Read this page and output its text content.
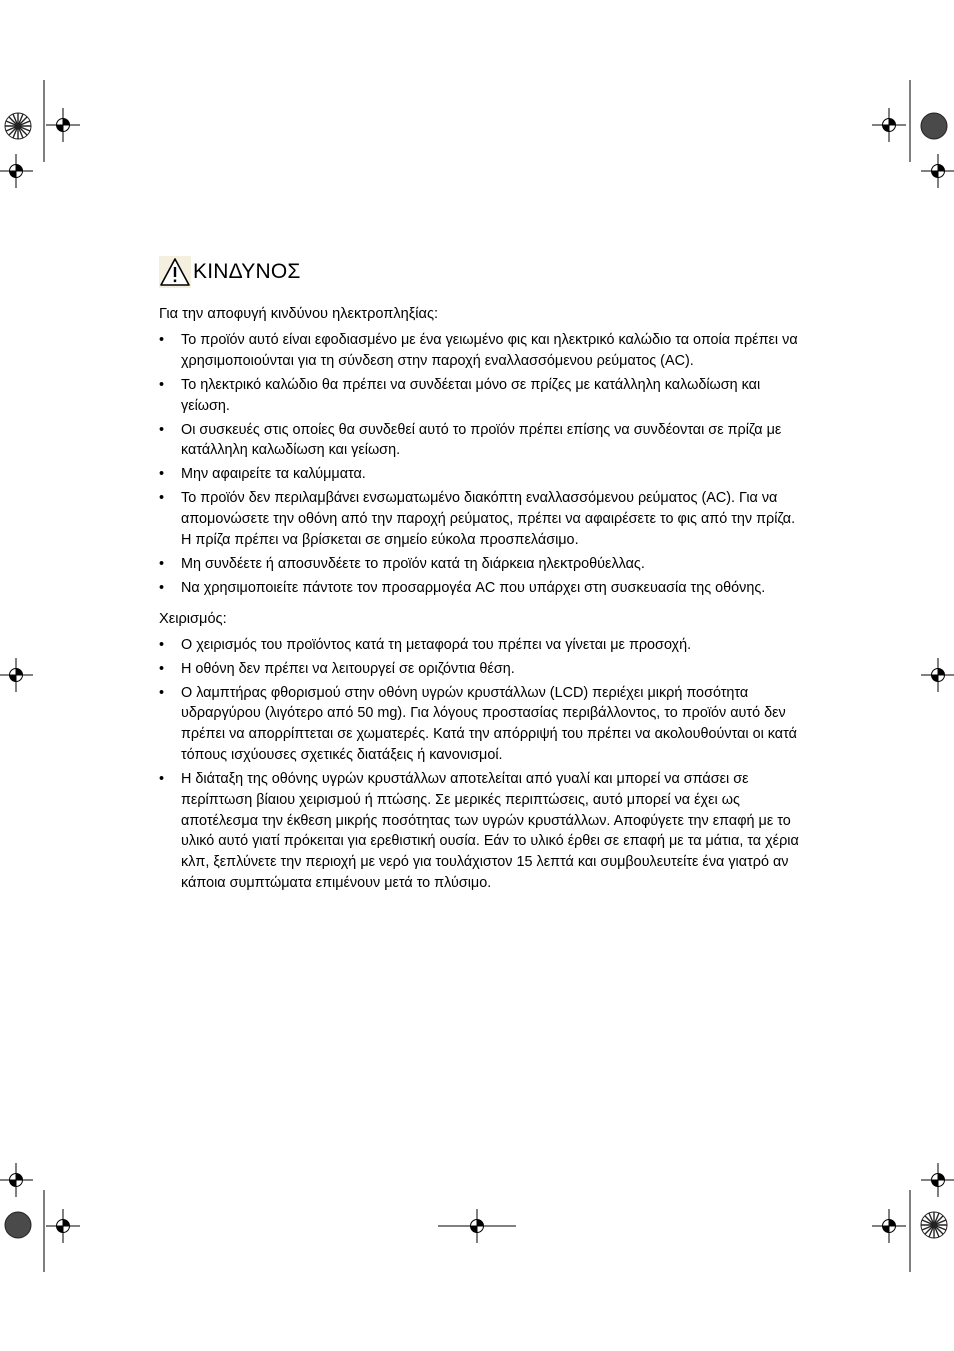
ΚΙΝΔΥΝΟΣ
Για την αποφυγή κινδύνου ηλεκτροπληξίας:
• Το προϊόν αυτό είναι εφοδιασμένο με ένα γειωμένο φις και ηλεκτρικό καλώδιο τα οποία πρέπει να χρησιμοποιούνται για τη σύνδεση στην παροχή εναλλασσόμενου ρεύματος (AC).
• Το ηλεκτρικό καλώδιο θα πρέπει να συνδέεται μόνο σε πρίζες με κατάλληλη καλωδίωση και γείωση.
• Οι συσκευές στις οποίες θα συνδεθεί αυτό το προϊόν πρέπει επίσης να συνδέονται σε πρίζα με κατάλληλη καλωδίωση και γείωση.
• Μην αφαιρείτε τα καλύμματα.
• Το προϊόν δεν περιλαμβάνει ενσωματωμένο διακόπτη εναλλασσόμενου ρεύματος (AC). Για να απομονώσετε την οθόνη από την παροχή ρεύματος, πρέπει να αφαιρέσετε το φις από την πρίζα. Η πρίζα πρέπει να βρίσκεται σε σημείο εύκολα προσπελάσιμο.
• Μη συνδέετε ή αποσυνδέετε το προϊόν κατά τη διάρκεια ηλεκτροθύελλας.
• Να χρησιμοποιείτε πάντοτε τον προσαρμογέα AC που υπάρχει στη συσκευασία της οθόνης.
Χειρισμός:
• Ο χειρισμός του προϊόντος κατά τη μεταφορά του πρέπει να γίνεται με προσοχή.
• Η οθόνη δεν πρέπει να λειτουργεί σε οριζόντια θέση.
• Ο λαμπτήρας φθορισμού στην οθόνη υγρών κρυστάλλων (LCD) περιέχει μικρή ποσότητα υδραργύρου (λιγότερο από 50 mg). Για λόγους προστασίας περιβάλλοντος, το προϊόν αυτό δεν πρέπει να απορρίπτεται σε χωματερές. Κατά την απόρριψή του πρέπει να ακολουθούνται οι κατά τόπους ισχύουσες σχετικές διατάξεις ή κανονισμοί.
• Η διάταξη της οθόνης υγρών κρυστάλλων αποτελείται από γυαλί και μπορεί να σπάσει σε περίπτωση βίαιου χειρισμού ή πτώσης. Σε μερικές περιπτώσεις, αυτό μπορεί να έχει ως αποτέλεσμα την έκθεση μικρής ποσότητας των υγρών κρυστάλλων. Αποφύγετε την επαφή με το υλικό αυτό γιατί πρόκειται για ερεθιστική ουσία. Εάν το υλικό έρθει σε επαφή με τα μάτια, τα χέρια κλπ, ξεπλύνετε την περιοχή με νερό για τουλάχιστον 15 λεπτά και συμβουλευτείτε ένα γιατρό αν κάποια συμπτώματα επιμένουν μετά το πλύσιμο.
